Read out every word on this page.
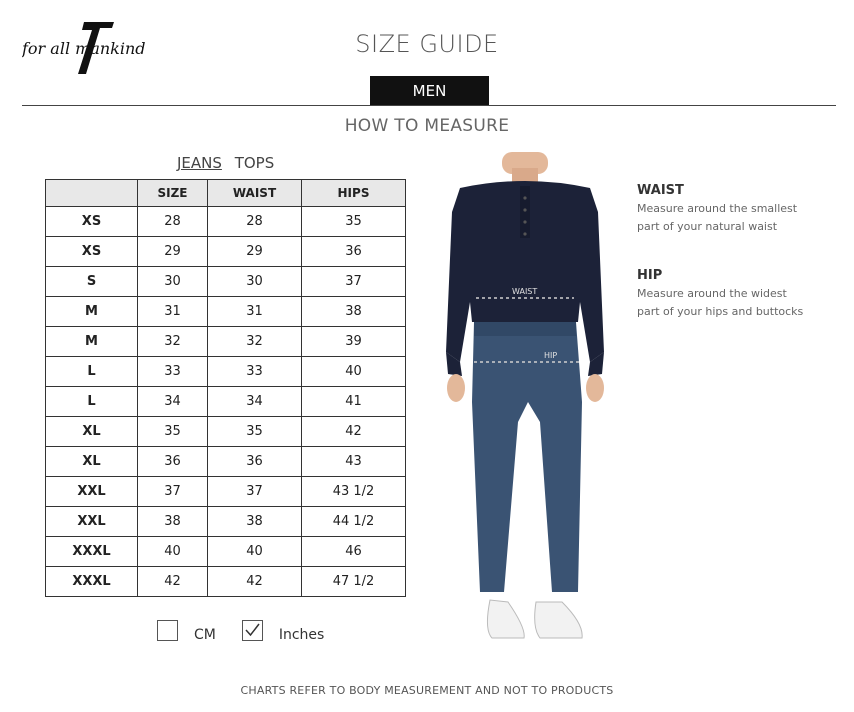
for all mankind	SIZE GUIDE
MEN
HOW TO MEASURE
JEANS TOPS
	SIZE	WAIST	HIPS
XS	28	28	35
XS	29	29	36
S	30	30	37
M	31	31	38
M	32	32	39
L	33	33	40
L	34	34	41
XL	35	35	42
XL	36	36	43
XXL	37	37	43 1/2
XXL	38	38	44 1/2
XXXL	40	40	46
XXXL	42	42	47 1/2
CM	Inches
WAIST
HIP
WAIST

Measure around the smallest part of your natural waist

HIP

Measure around the widest part of your hips and buttocks

CHARTS REFER TO BODY MEASUREMENT AND NOT TO PRODUCTS
